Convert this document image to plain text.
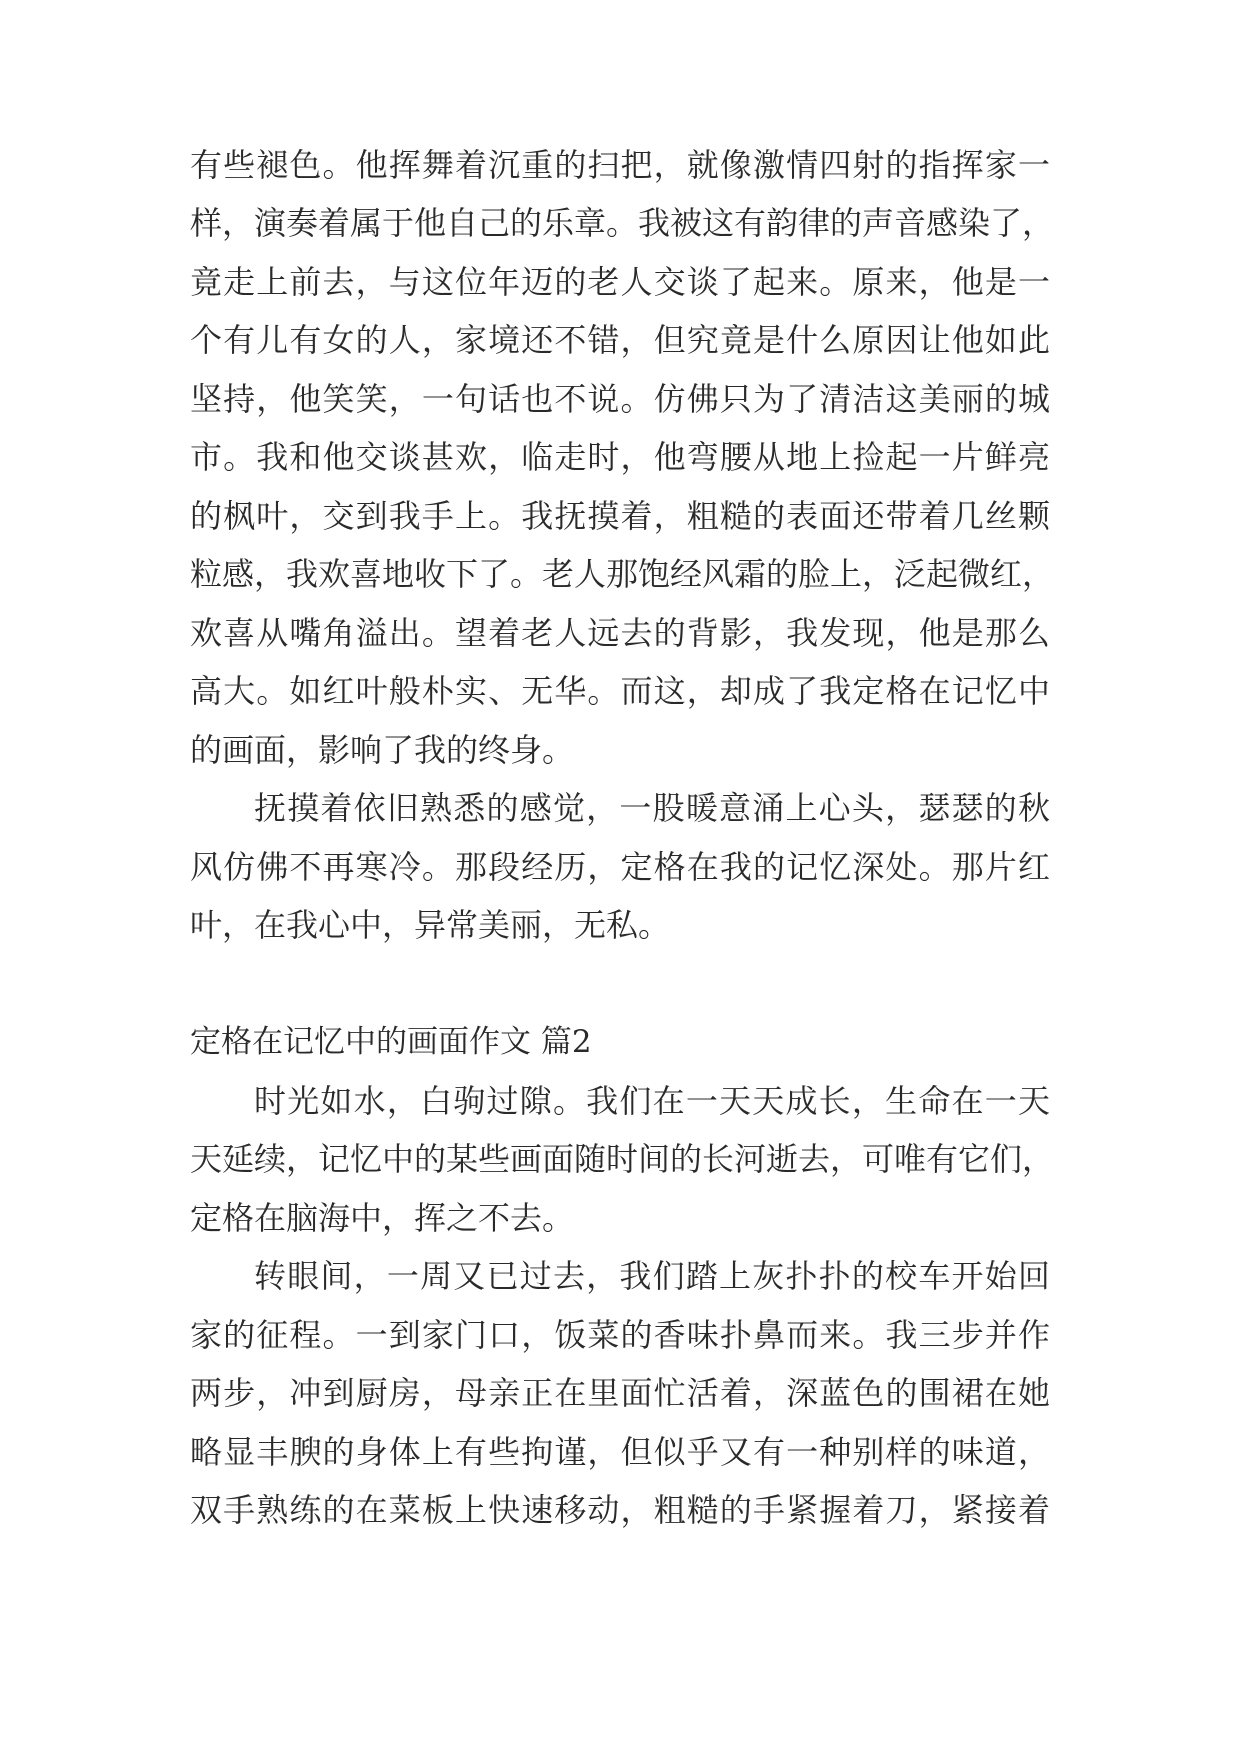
有些褪色。他挥舞着沉重的扫把，就像激情四射的指挥家一
样，演奏着属于他自己的乐章。我被这有韵律的声音感染了，
竟走上前去，与这位年迈的老人交谈了起来。原来，他是一
个有儿有女的人，家境还不错，但究竟是什么原因让他如此
坚持，他笑笑，一句话也不说。仿佛只为了清洁这美丽的城
市。我和他交谈甚欢，临走时，他弯腰从地上捡起一片鲜亮
的枫叶，交到我手上。我抚摸着，粗糙的表面还带着几丝颗
粒感，我欢喜地收下了。老人那饱经风霜的脸上，泛起微红，
欢喜从嘴角溢出。望着老人远去的背影，我发现，他是那么
高大。如红叶般朴实、无华。而这，却成了我定格在记忆中
的画面，影响了我的终身。
抚摸着依旧熟悉的感觉，一股暖意涌上心头，瑟瑟的秋
风仿佛不再寒冷。那段经历，定格在我的记忆深处。那片红
叶，在我心中，异常美丽，无私。
定格在记忆中的画面作文 篇2
时光如水，白驹过隙。我们在一天天成长，生命在一天
天延续，记忆中的某些画面随时间的长河逝去，可唯有它们，
定格在脑海中，挥之不去。
转眼间，一周又已过去，我们踏上灰扑扑的校车开始回
家的征程。一到家门口，饭菜的香味扑鼻而来。我三步并作
两步，冲到厨房，母亲正在里面忙活着，深蓝色的围裙在她
略显丰腴的身体上有些拘谨，但似乎又有一种别样的味道，
双手熟练的在菜板上快速移动，粗糙的手紧握着刀，紧接着
